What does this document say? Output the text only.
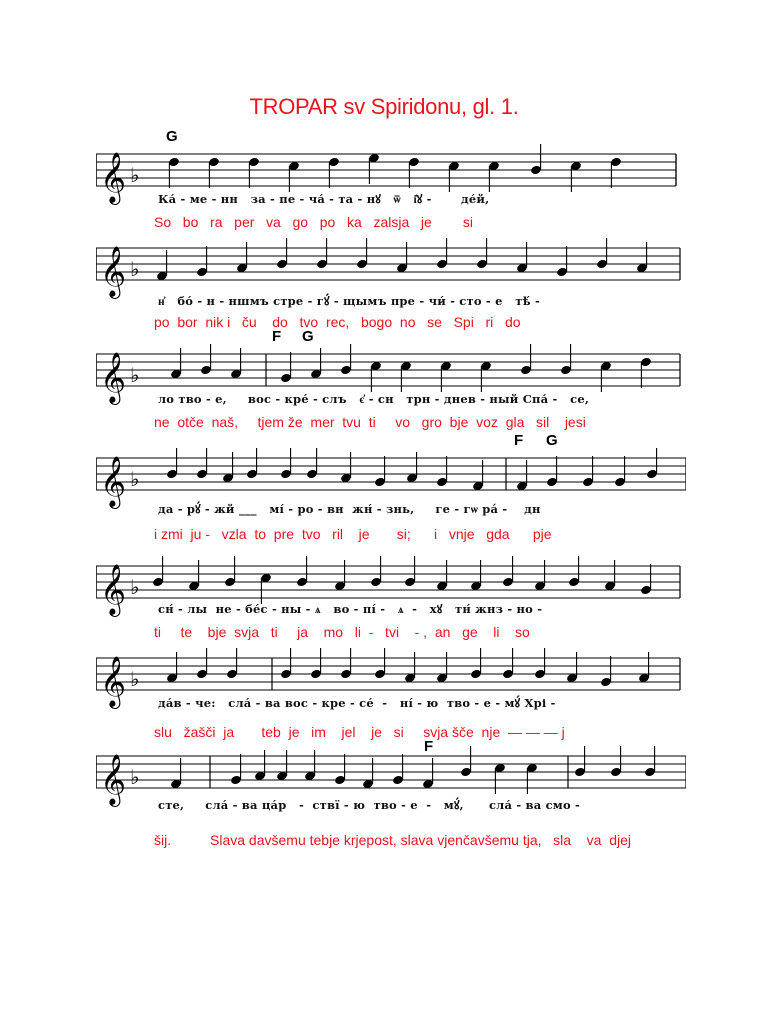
TROPAR sv Spiridonu, gl. 1.
G
𝄞 ♭
Ка́ - ме - нн   за - пе - ча́ - та - нꙋ   ѿ   і҆ꙋ -       де́й,
So   bo   ra   per   va   go   po   ka   zalsja   je        si
𝄞 ♭
н҆   бо́ - н - ншмъ стре - гꙋ́ - щымъ пре - чи́ - сто - е   тѣ́ -
po  bor  nik i   ču    do   tvo  rec,   bogo  no   se   Spi   ri   do
F G
𝄞 ♭
ло тво - е,     вос - кре́ - слъ   є҆ - сн   трн - днев - ный Спа́ -   се,
ne  otče  naš,     tjem že  mer  tvu  ti     vo   gro  bje  voz  gla   sil    jesi
F G
𝄞 ♭
да - рꙋ́ - жй ___   мі́ - ро - вн  жн́ - знь,     ге - гѡ рá -    дн
i zmi  ju -   vzla  to  pre  tvo   ril    je       si;      i   vnje   gda      pje
𝄞 ♭
сн́ - лы  не - бе́с - ны - ѧ   во - пі́ -   ѧ  -   хꙋ   тн́ жнз - но -
ti     te    bje  svja   ti     ja    mo   li  -   tvi    - ,  an   ge    li    so
𝄞 ♭
да́в - че:   сла́ - ва вос - кре - се́  -   ні́ - ю  тво - е - мꙋ́ Хрі -
slu   žašči  ja       teb  je   im    jel    je   si     svja šče  nje  — — — j
F
𝄞 ♭
сте,     сла́ - ва ца́р   -  ствї - ю  тво - е  -   мꙋ́,      сла́ - ва смо -
šij.          Slava davšemu tebje krjepost, slava vjenčavšemu tja,   sla    va  djej
